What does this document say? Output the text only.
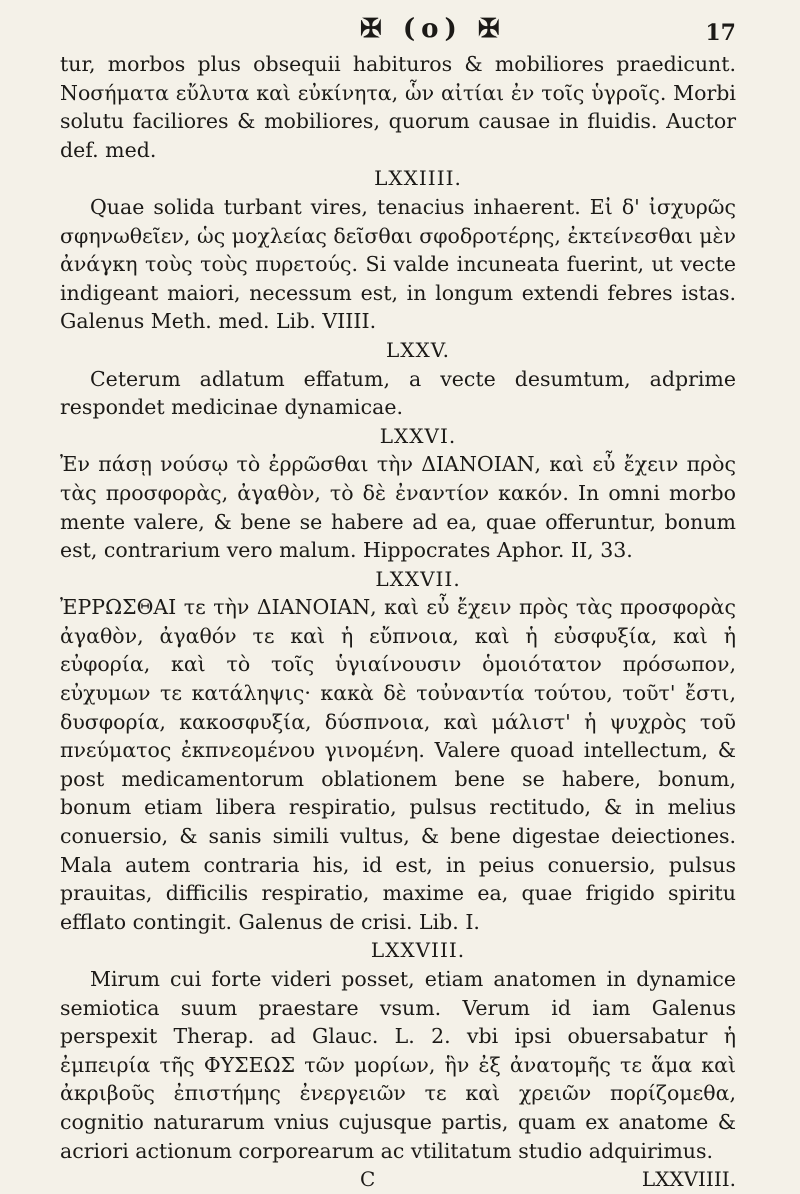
✠ (o) ✠	17

tur, morbos plus obsequii habituros & mobiliores praedicunt. Νοσήματα εὔλυτα καὶ εὐκίνητα, ὧν αἰτίαι ἐν τοῖς ὑγροῖς. Morbi solutu faciliores & mobiliores, quorum causae in fluidis. Auctor def. med.

LXXIIII.

Quae solida turbant vires, tenacius inhaerent. Εἰ δ' ἰσχυρῶς σφηνωθεῖεν, ὡς μοχλείας δεῖσθαι σφοδροτέρης, ἐκτείνεσθαι μὲν ἀνάγκη τοὺς τοὺς πυρετούς. Si valde incuneata fuerint, ut vecte indigeant maiori, necessum est, in longum extendi febres istas. Galenus Meth. med. Lib. VIIII.

LXXV.

Ceterum adlatum effatum, a vecte desumtum, adprime respondet medicinae dynamicae.

LXXVI.

Ἐν πάσῃ νούσῳ τὸ ἐρρῶσθαι τὴν ΔΙΑΝΟΙΑΝ, καὶ εὖ ἔχειν πρὸς τὰς προσφορὰς, ἀγαθὸν, τὸ δὲ ἐναντίον κακόν. In omni morbo mente valere, & bene se habere ad ea, quae offeruntur, bonum est, contrarium vero malum. Hippocrates Aphor. II, 33.

LXXVII.

ἘΡΡΩΣΘΑΙ τε τὴν ΔΙΑΝΟΙΑΝ, καὶ εὖ ἔχειν πρὸς τὰς προσφορὰς ἀγαθὸν, ἀγαθόν τε καὶ ἡ εὔπνοια, καὶ ἡ εὐσφυξία, καὶ ἡ εὐφορία, καὶ τὸ τοῖς ὑγιαίνουσιν ὁμοιότατον πρόσωπον, εὐχυμων τε κατάληψις· κακὰ δὲ τοὐναντία τούτου, τοῦτ' ἔστι, δυσφορία, κακοσφυξία, δύσπνοια, καὶ μάλιστ' ἡ ψυχρὸς τοῦ πνεύματος ἐκπνεομένου γινομένη. Valere quoad intellectum, & post medicamentorum oblationem bene se habere, bonum, bonum etiam libera respiratio, pulsus rectitudo, & in melius conuersio, & sanis simili vultus, & bene digestae deiectiones. Mala autem contraria his, id est, in peius conuersio, pulsus prauitas, difficilis respiratio, maxime ea, quae frigido spiritu efflato contingit. Galenus de crisi. Lib. I.

LXXVIII.

Mirum cui forte videri posset, etiam anatomen in dynamice semiotica suum praestare vsum. Verum id iam Galenus perspexit Therap. ad Glauc. L. 2. vbi ipsi obuersabatur ἡ ἐμπειρία τῆς ΦΥΣΕΩΣ τῶν μορίων, ἣν ἐξ ἀνατομῆς τε ἅμα καὶ ἀκριβοῦς ἐπιστήμης ἐνεργειῶν τε καὶ χρειῶν πορίζομεθα, cognitio naturarum vnius cujusque partis, quam ex anatome & acriori actionum corporearum ac vtilitatum studio adquirimus.

C	LXXVIIII.
